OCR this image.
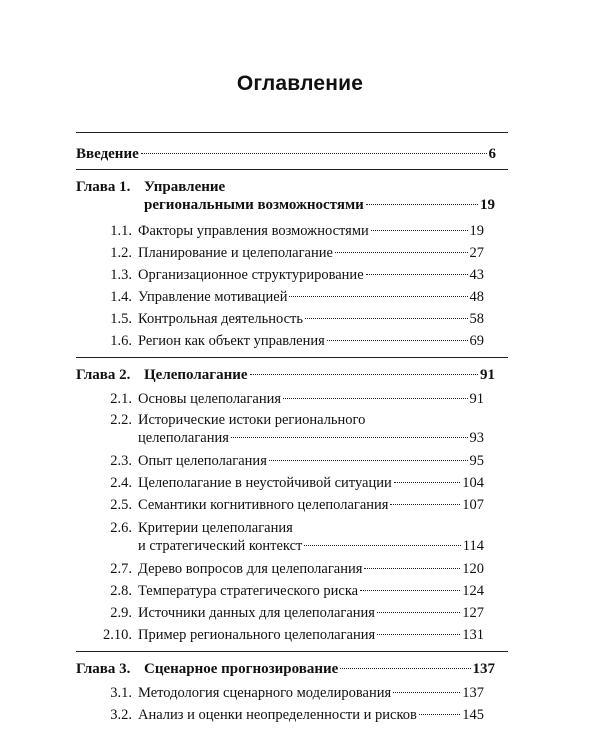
Оглавление
Введение	6
Глава 1. Управление
региональными возможностями	19
1.1. Факторы управления возможностями	19
1.2. Планирование и целеполагание	27
1.3. Организационное структурирование	43
1.4. Управление мотивацией	48
1.5. Контрольная деятельность	58
1.6. Регион как объект управления	69
Глава 2. Целеполагание	91
2.1. Основы целеполагания	91
2.2. Исторические истоки регионального
целеполагания	93
2.3. Опыт целеполагания	95
2.4. Целеполагание в неустойчивой ситуации	104
2.5. Семантики когнитивного целеполагания	107
2.6. Критерии целеполагания
и стратегический контекст	114
2.7. Дерево вопросов для целеполагания	120
2.8. Температура стратегического риска	124
2.9. Источники данных для целеполагания	127
2.10. Пример регионального целеполагания	131
Глава 3. Сценарное прогнозирование	137
3.1. Методология сценарного моделирования	137
3.2. Анализ и оценки неопределенности и рисков	145
